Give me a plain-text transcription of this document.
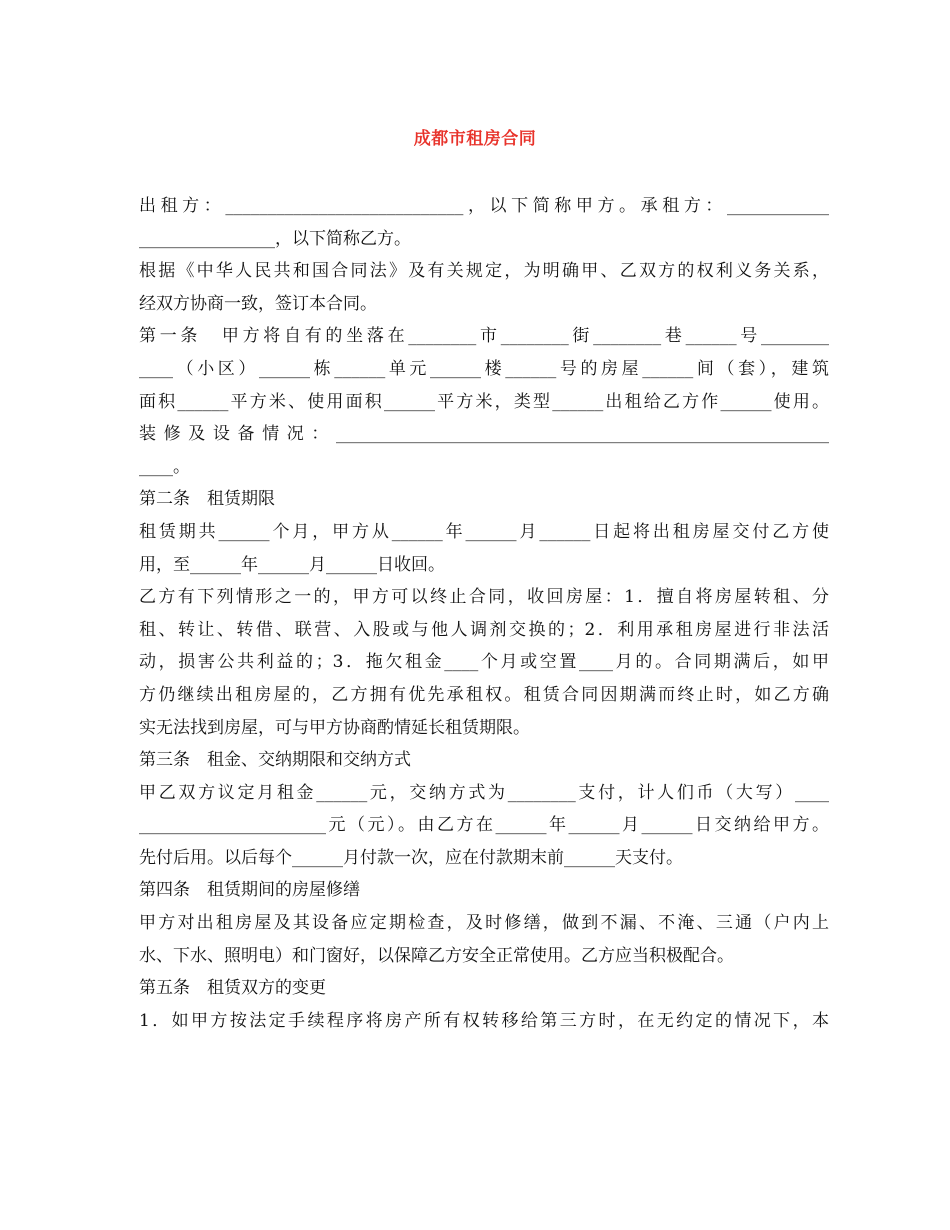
成都市租房合同
出租方：____________________________，以下简称甲方。承租方：____________
________________，以下简称乙方。
根据《中华人民共和国合同法》及有关规定，为明确甲、乙双方的权利义务关系，
经双方协商一致，签订本合同。
第一条　甲方将自有的坐落在________市________街________巷______号________
____（小区）______栋______单元______楼______号的房屋______间（套），建筑
面积______平方米、使用面积______平方米，类型______出租给乙方作______使用。
装修及设备情况：__________________________________________________________
____。
第二条　租赁期限
租赁期共______个月，甲方从______年______月______日起将出租房屋交付乙方使
用，至______年______月______日收回。
乙方有下列情形之一的，甲方可以终止合同，收回房屋：1．擅自将房屋转租、分
租、转让、转借、联营、入股或与他人调剂交换的；2．利用承租房屋进行非法活
动，损害公共利益的；3．拖欠租金____个月或空置____月的。合同期满后，如甲
方仍继续出租房屋的，乙方拥有优先承租权。租赁合同因期满而终止时，如乙方确
实无法找到房屋，可与甲方协商酌情延长租赁期限。
第三条　租金、交纳期限和交纳方式
甲乙双方议定月租金______元，交纳方式为________支付，计人们币（大写）____
______________________元（元）。由乙方在______年______月______日交纳给甲方。
先付后用。以后每个______月付款一次，应在付款期末前______天支付。
第四条　租赁期间的房屋修缮
甲方对出租房屋及其设备应定期检查，及时修缮，做到不漏、不淹、三通（户内上
水、下水、照明电）和门窗好，以保障乙方安全正常使用。乙方应当积极配合。
第五条　租赁双方的变更
1．如甲方按法定手续程序将房产所有权转移给第三方时，在无约定的情况下，本
